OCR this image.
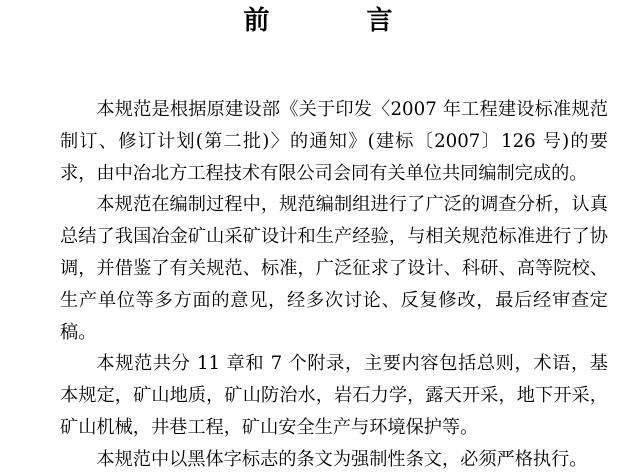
前 言

本规范是根据原建设部《关于印发〈2007 年工程建设标准规范制订、修订计划(第二批)〉的通知》(建标〔2007〕126 号)的要求，由中冶北方工程技术有限公司会同有关单位共同编制完成的。

本规范在编制过程中，规范编制组进行了广泛的调查分析，认真总结了我国冶金矿山采矿设计和生产经验，与相关规范标准进行了协调，并借鉴了有关规范、标准，广泛征求了设计、科研、高等院校、生产单位等多方面的意见，经多次讨论、反复修改，最后经审查定稿。

本规范共分 11 章和 7 个附录，主要内容包括总则，术语，基本规定，矿山地质，矿山防治水，岩石力学，露天开采，地下开采，矿山机械，井巷工程，矿山安全生产与环境保护等。

本规范中以黑体字标志的条文为强制性条文，必须严格执行。
